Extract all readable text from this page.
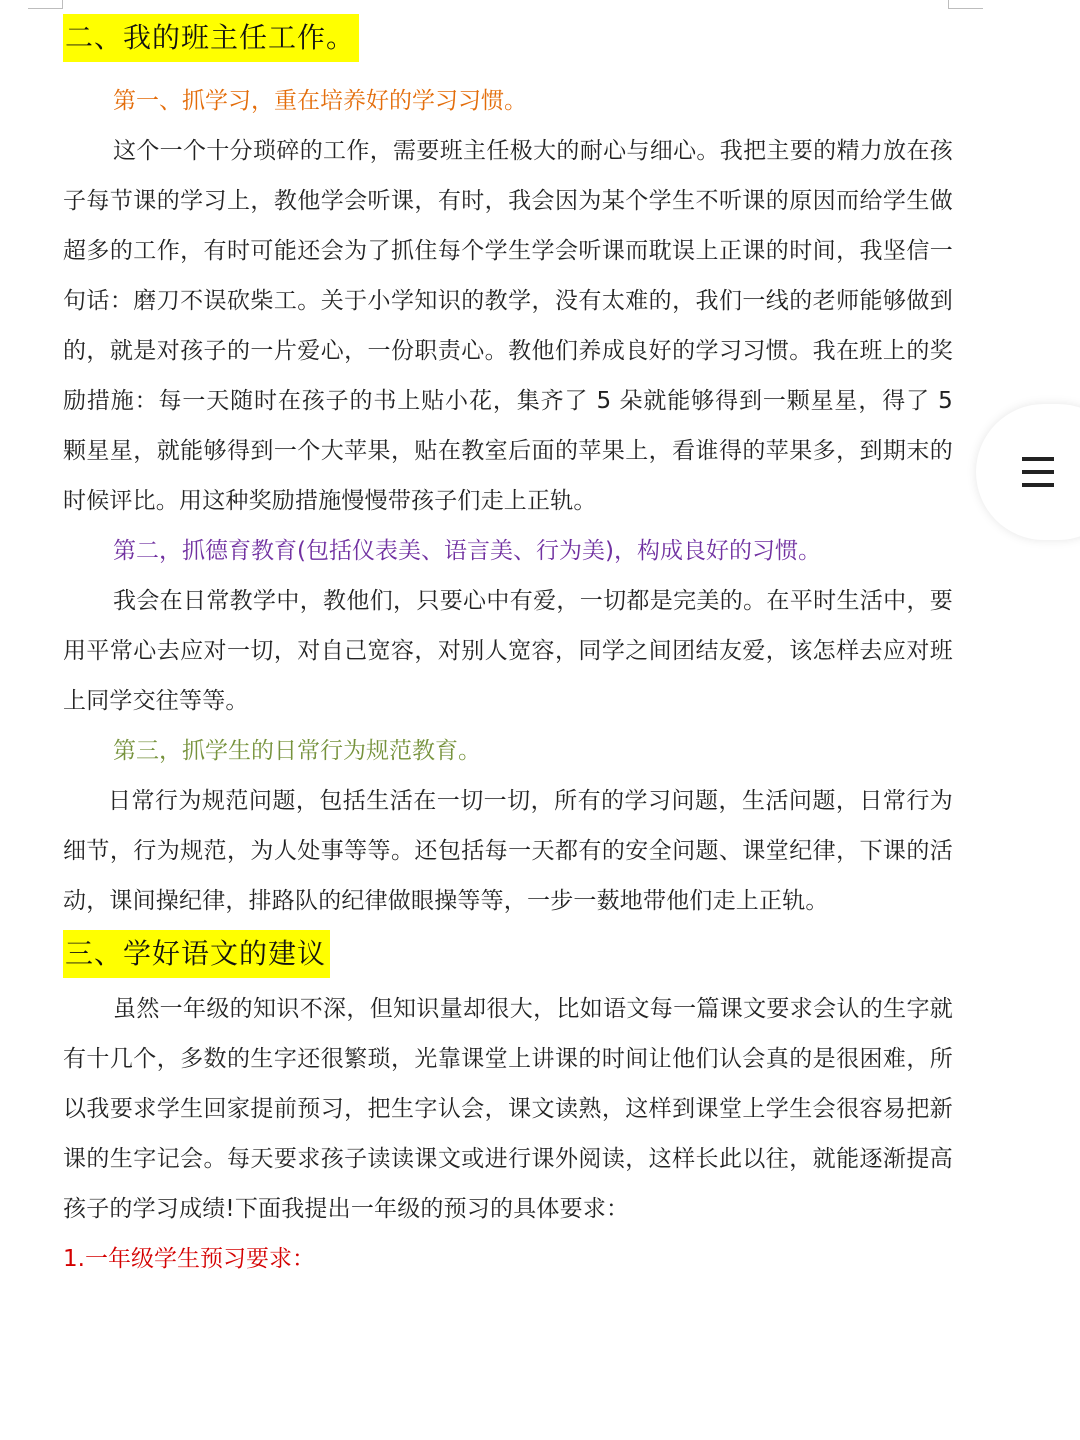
二、我的班主任工作。

第一、抓学习，重在培养好的学习习惯。

这个一个十分琐碎的工作，需要班主任极大的耐心与细心。我把主要的精力放在孩子每节课的学习上，教他学会听课，有时，我会因为某个学生不听课的原因而给学生做超多的工作，有时可能还会为了抓住每个学生学会听课而耽误上正课的时间，我坚信一句话：磨刀不误砍柴工。关于小学知识的教学，没有太难的，我们一线的老师能够做到的，就是对孩子的一片爱心，一份职责心。教他们养成良好的学习习惯。我在班上的奖励措施：每一天随时在孩子的书上贴小花，集齐了 5 朵就能够得到一颗星星，得了 5 颗星星，就能够得到一个大苹果，贴在教室后面的苹果上，看谁得的苹果多，到期末的时候评比。用这种奖励措施慢慢带孩子们走上正轨。

第二，抓德育教育(包括仪表美、语言美、行为美)，构成良好的习惯。

我会在日常教学中，教他们，只要心中有爱，一切都是完美的。在平时生活中，要用平常心去应对一切，对自己宽容，对别人宽容，同学之间团结友爱，该怎样去应对班上同学交往等等。

第三，抓学生的日常行为规范教育。

日常行为规范问题，包括生活在一切一切，所有的学习问题，生活问题，日常行为细节，行为规范，为人处事等等。还包括每一天都有的安全问题、课堂纪律，下课的活动，课间操纪律，排路队的纪律做眼操等等，一步一薮地带他们走上正轨。

三、学好语文的建议

虽然一年级的知识不深，但知识量却很大，比如语文每一篇课文要求会认的生字就有十几个，多数的生字还很繁琐，光靠课堂上讲课的时间让他们认会真的是很困难，所以我要求学生回家提前预习，把生字认会，课文读熟，这样到课堂上学生会很容易把新课的生字记会。每天要求孩子读读课文或进行课外阅读，这样长此以往，就能逐渐提高孩子的学习成绩!下面我提出一年级的预习的具体要求：

1.一年级学生预习要求：
